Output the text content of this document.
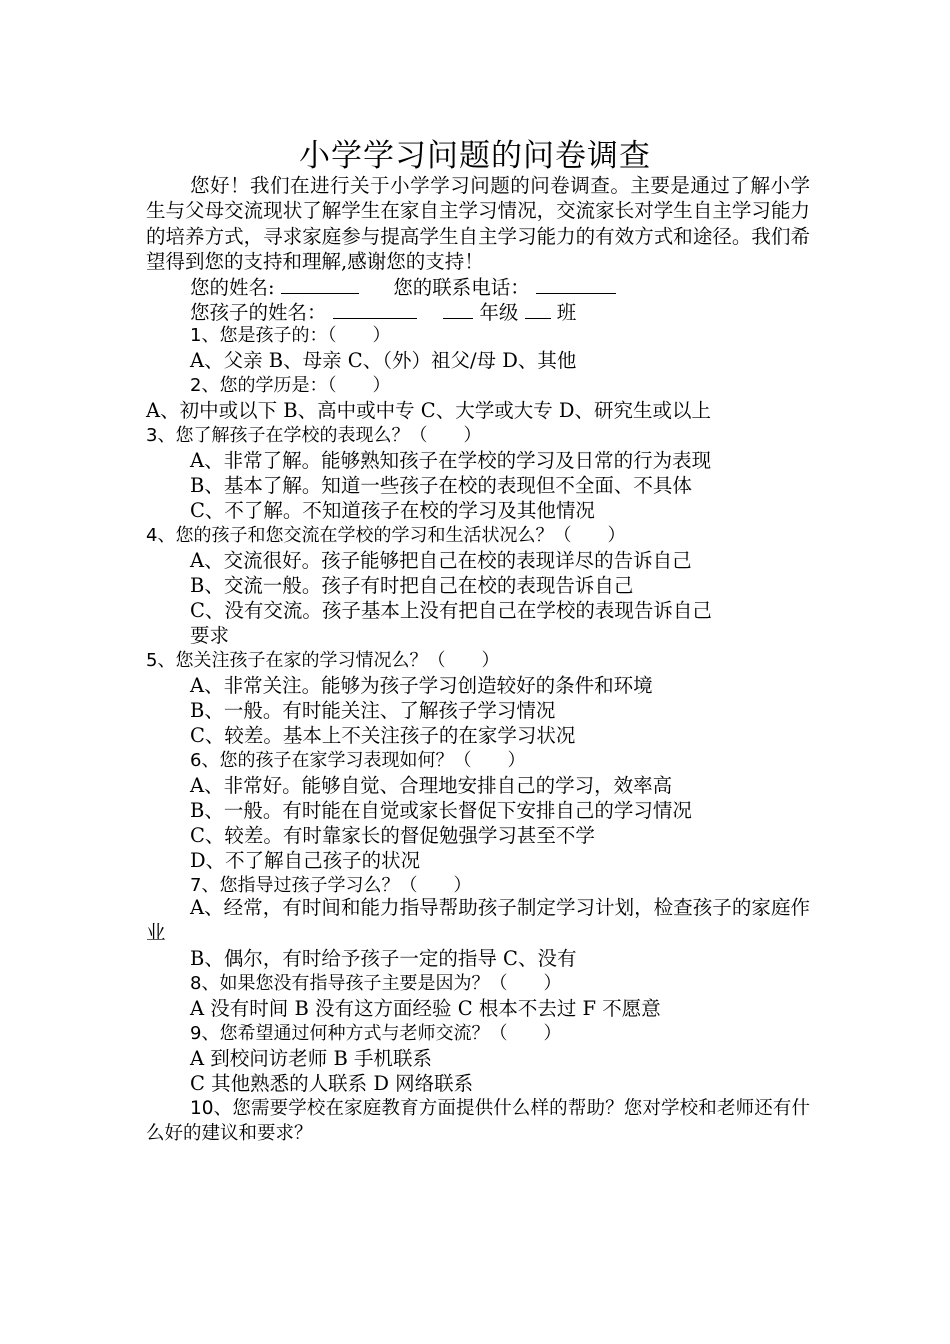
小学学习问题的问卷调查
您好！我们在进行关于小学学习问题的问卷调查。主要是通过了解小学生与父母交流现状了解学生在家自主学习情况，交流家长对学生自主学习能力的培养方式，寻求家庭参与提高学生自主学习能力的有效方式和途径。我们希望得到您的支持和理解,感谢您的支持！
您的姓名:	您的联系电话：
您孩子的姓名：	年级 班
1、您是孩子的：（　　）
A、父亲 B、母亲 C、（外）祖父/母 D、其他
2、您的学历是：（　　）
A、初中或以下 B、高中或中专 C、大学或大专 D、研究生或以上
3、您了解孩子在学校的表现么？（　　）
A、非常了解。能够熟知孩子在学校的学习及日常的行为表现
B、基本了解。知道一些孩子在校的表现但不全面、不具体
C、不了解。不知道孩子在校的学习及其他情况
4、您的孩子和您交流在学校的学习和生活状况么？（　　）
A、交流很好。孩子能够把自己在校的表现详尽的告诉自己
B、交流一般。孩子有时把自己在校的表现告诉自己
C、没有交流。孩子基本上没有把自己在学校的表现告诉自己
要求
5、您关注孩子在家的学习情况么？（　　）
A、非常关注。能够为孩子学习创造较好的条件和环境
B、一般。有时能关注、了解孩子学习情况
C、较差。基本上不关注孩子的在家学习状况
6、您的孩子在家学习表现如何？（　　）
A、非常好。能够自觉、合理地安排自己的学习，效率高
B、一般。有时能在自觉或家长督促下安排自己的学习情况
C、较差。有时靠家长的督促勉强学习甚至不学
D、不了解自己孩子的状况
7、您指导过孩子学习么？（　　）
A、经常，有时间和能力指导帮助孩子制定学习计划，检查孩子的家庭作业
B、偶尔，有时给予孩子一定的指导 C、没有
8、如果您没有指导孩子主要是因为？（　　）
A 没有时间 B 没有这方面经验 C 根本不去过 F 不愿意
9、您希望通过何种方式与老师交流？（　　）
A 到校问访老师 B 手机联系
C 其他熟悉的人联系 D 网络联系
10、您需要学校在家庭教育方面提供什么样的帮助？您对学校和老师还有什么好的建议和要求？
